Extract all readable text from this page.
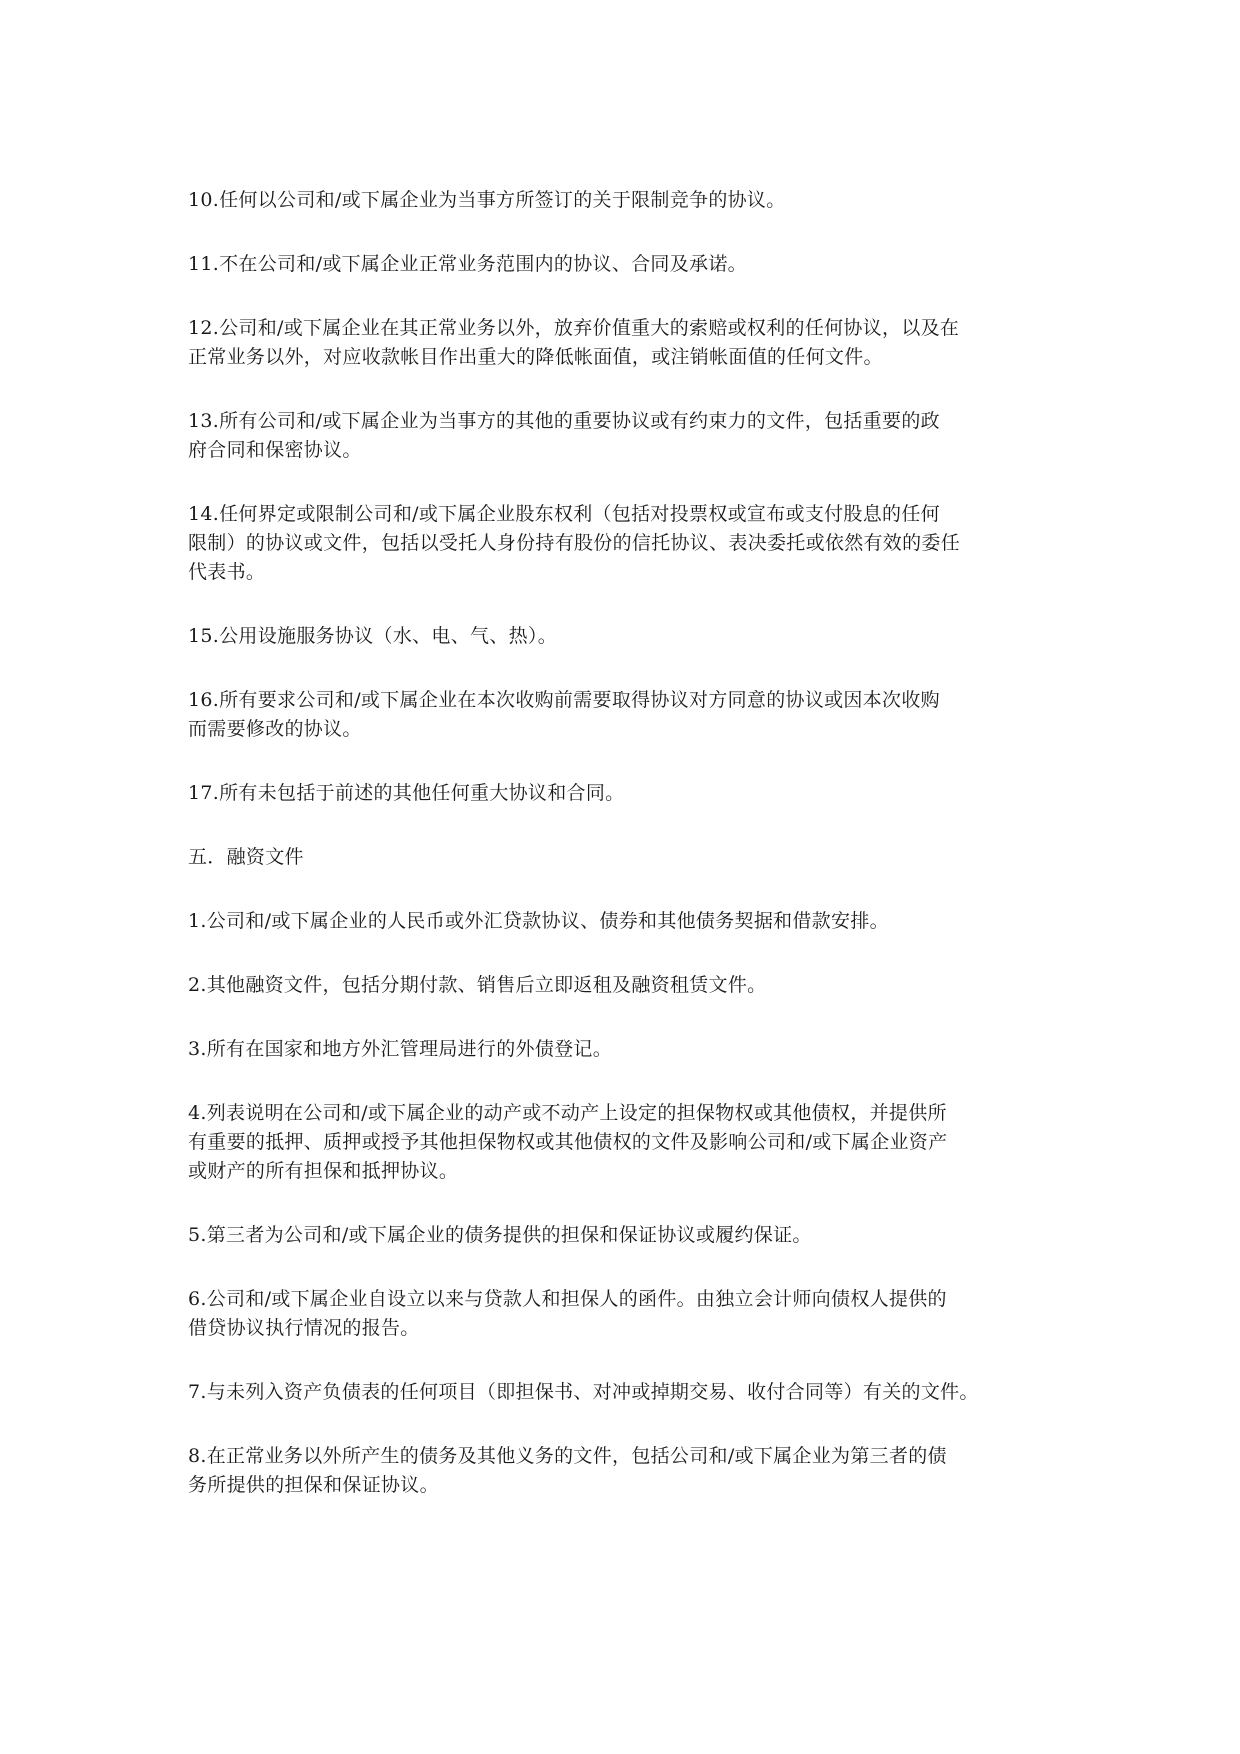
10.任何以公司和/或下属企业为当事方所签订的关于限制竞争的协议。

11.不在公司和/或下属企业正常业务范围内的协议、合同及承诺。

12.公司和/或下属企业在其正常业务以外，放弃价值重大的索赔或权利的任何协议，以及在
正常业务以外，对应收款帐目作出重大的降低帐面值，或注销帐面值的任何文件。

13.所有公司和/或下属企业为当事方的其他的重要协议或有约束力的文件，包括重要的政
府合同和保密协议。

14.任何界定或限制公司和/或下属企业股东权利（包括对投票权或宣布或支付股息的任何
限制）的协议或文件，包括以受托人身份持有股份的信托协议、表决委托或依然有效的委任
代表书。

15.公用设施服务协议（水、电、气、热）。

16.所有要求公司和/或下属企业在本次收购前需要取得协议对方同意的协议或因本次收购
而需要修改的协议。

17.所有未包括于前述的其他任何重大协议和合同。

五．融资文件

1.公司和/或下属企业的人民币或外汇贷款协议、债券和其他债务契据和借款安排。

2.其他融资文件，包括分期付款、销售后立即返租及融资租赁文件。

3.所有在国家和地方外汇管理局进行的外债登记。

4.列表说明在公司和/或下属企业的动产或不动产上设定的担保物权或其他债权，并提供所
有重要的抵押、质押或授予其他担保物权或其他债权的文件及影响公司和/或下属企业资产
或财产的所有担保和抵押协议。

5.第三者为公司和/或下属企业的债务提供的担保和保证协议或履约保证。

6.公司和/或下属企业自设立以来与贷款人和担保人的函件。由独立会计师向债权人提供的
借贷协议执行情况的报告。

7.与未列入资产负债表的任何项目（即担保书、对冲或掉期交易、收付合同等）有关的文件。

8.在正常业务以外所产生的债务及其他义务的文件，包括公司和/或下属企业为第三者的债
务所提供的担保和保证协议。
